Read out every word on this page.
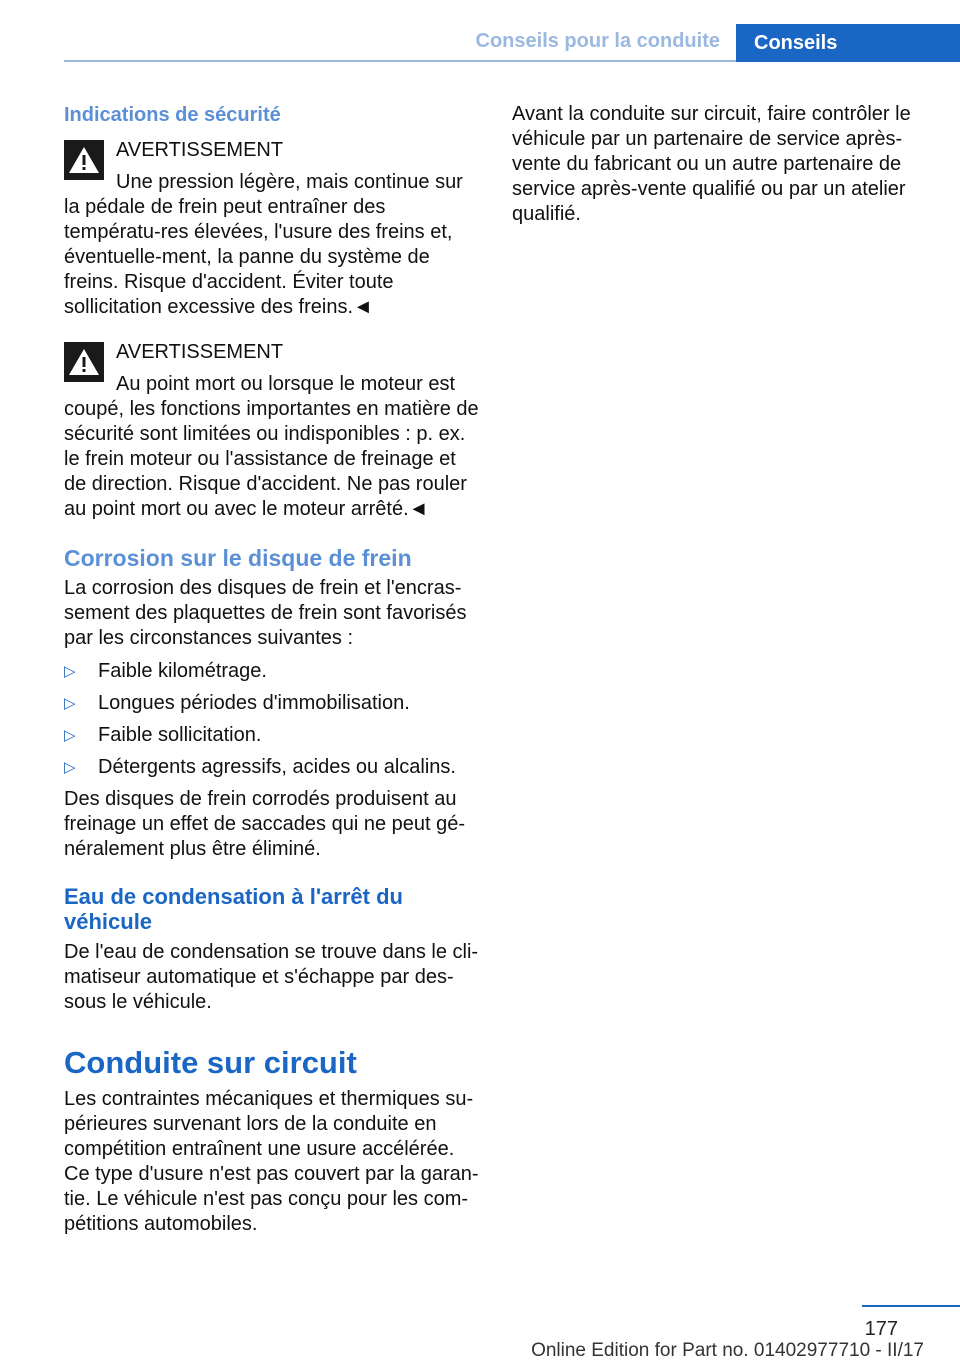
Conseils pour la conduite	Conseils
Indications de sécurité

AVERTISSEMENT
Une pression légère, mais continue sur la pédale de frein peut entraîner des températu-res élevées, l'usure des freins et, éventuelle-ment, la panne du système de freins. Risque d'accident. Éviter toute sollicitation excessive des freins.◄

AVERTISSEMENT
Au point mort ou lorsque le moteur est coupé, les fonctions importantes en matière de sécurité sont limitées ou indisponibles : p. ex. le frein moteur ou l'assistance de freinage et de direction. Risque d'accident. Ne pas rouler au point mort ou avec le moteur arrêté.◄

Corrosion sur le disque de frein

La corrosion des disques de frein et l'encras-sement des plaquettes de frein sont favorisés par les circonstances suivantes :

▷ Faible kilométrage.
▷ Longues périodes d'immobilisation.
▷ Faible sollicitation.
▷ Détergents agressifs, acides ou alcalins.

Des disques de frein corrodés produisent au freinage un effet de saccades qui ne peut gé-néralement plus être éliminé.

Eau de condensation à l'arrêt du véhicule

De l'eau de condensation se trouve dans le cli-matiseur automatique et s'échappe par des-sous le véhicule.

Conduite sur circuit

Les contraintes mécaniques et thermiques su-périeures survenant lors de la conduite en compétition entraînent une usure accélérée. Ce type d'usure n'est pas couvert par la garan-tie. Le véhicule n'est pas conçu pour les com-pétitions automobiles.

Avant la conduite sur circuit, faire contrôler le véhicule par un partenaire de service après-vente du fabricant ou un autre partenaire de service après-vente qualifié ou par un atelier qualifié.

177
Online Edition for Part no. 01402977710 - II/17
